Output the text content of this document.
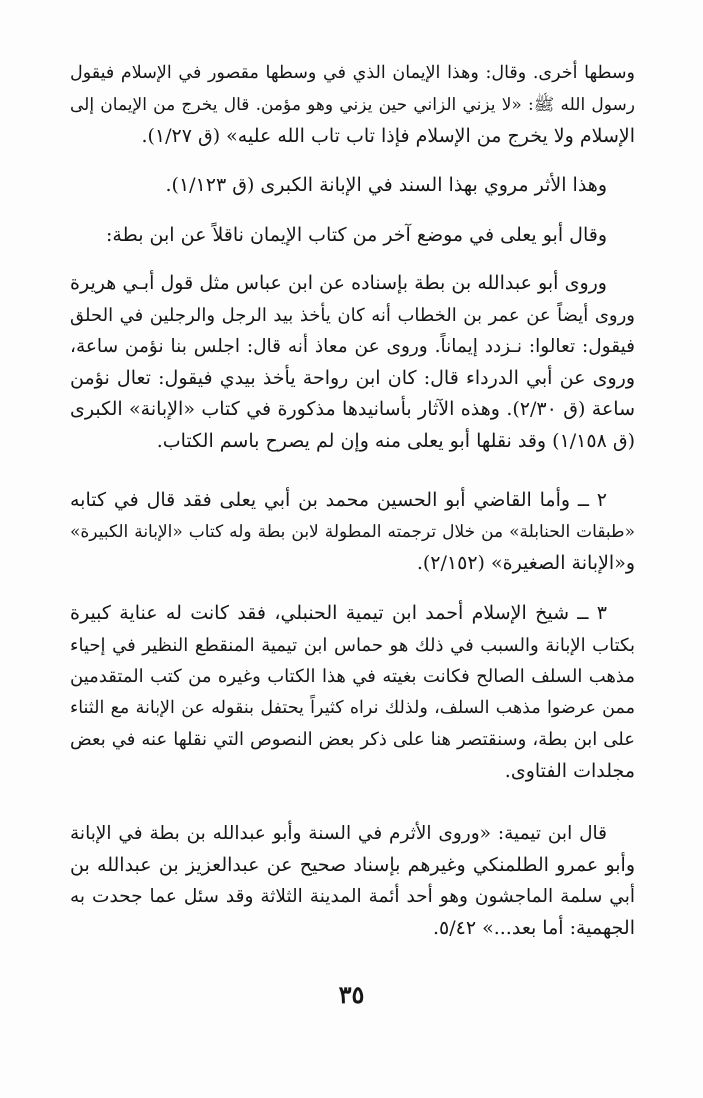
وسطها أخرى. وقال: وهذا الإيمان الذي في وسطها مقصور في الإسلام فيقول
رسول الله ﷺ: «لا يزني الزاني حين يزني وهو مؤمن. قال يخرج من الإيمان إلى
الإسلام ولا يخرج من الإسلام فإذا تاب تاب الله عليه» (ق ١/٢٧).
وهذا الأثر مروي بهذا السند في الإبانة الكبرى (ق ١/١٢٣).
وقال أبو يعلى في موضع آخر من كتاب الإيمان ناقلاً عن ابن بطة:
وروى أبو عبدالله بن بطة بإسناده عن ابن عباس مثل قول أبـي هريرة
وروى أيضاً عن عمر بن الخطاب أنه كان يأخذ بيد الرجل والرجلين في الحلق
فيقول: تعالوا: نـزدد إيماناً. وروى عن معاذ أنه قال: اجلس بنا نؤمن ساعة،
وروى عن أبي الدرداء قال: كان ابن رواحة يأخذ بيدي فيقول: تعال نؤمن
ساعة (ق ٢/٣٠). وهذه الآثار بأسانيدها مذكورة في كتاب «الإبانة» الكبرى
(ق ١/١٥٨) وقد نقلها أبو يعلى منه وإن لم يصرح باسم الكتاب.
٢ ــ وأما القاضي أبو الحسين محمد بن أبي يعلى فقد قال في كتابه
«طبقات الحنابلة» من خلال ترجمته المطولة لابن بطة وله كتاب «الإبانة الكبيرة»
و«الإبانة الصغيرة» (٢/١٥٢).
٣ ــ شيخ الإسلام أحمد ابن تيمية الحنبلي، فقد كانت له عناية كبيرة
بكتاب الإبانة والسبب في ذلك هو حماس ابن تيمية المنقطع النظير في إحياء
مذهب السلف الصالح فكانت بغيته في هذا الكتاب وغيره من كتب المتقدمين
ممن عرضوا مذهب السلف، ولذلك نراه كثيراً يحتفل بنقوله عن الإبانة مع الثناء
على ابن بطة، وسنقتصر هنا على ذكر بعض النصوص التي نقلها عنه في بعض
مجلدات الفتاوى.
قال ابن تيمية: «وروى الأثرم في السنة وأبو عبدالله بن بطة في الإبانة
وأبو عمرو الطلمنكي وغيرهم بإسناد صحيح عن عبدالعزيز بن عبدالله بن
أبي سلمة الماجشون وهو أحد أئمة المدينة الثلاثة وقد سئل عما جحدت به
الجهمية: أما بعد...» ٥/٤٢.
٣٥
